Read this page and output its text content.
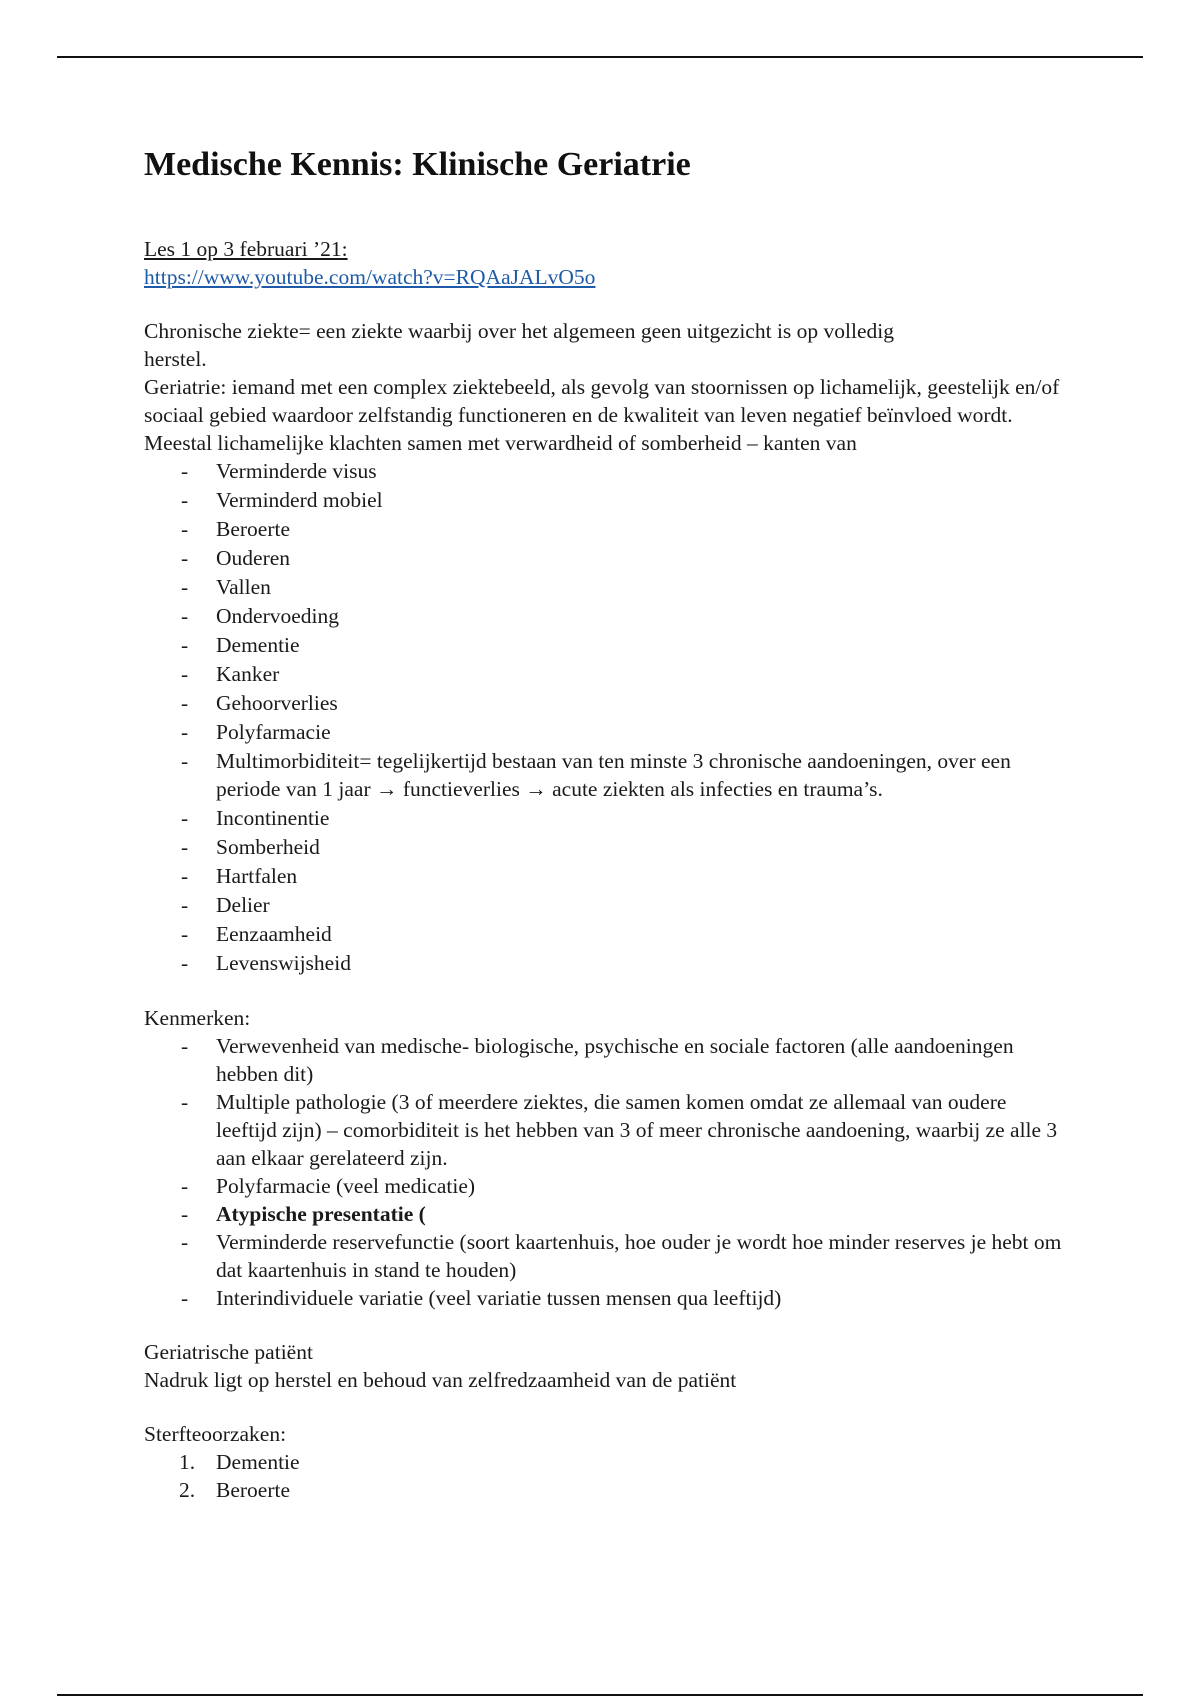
Medische Kennis: Klinische Geriatrie

Les 1 op 3 februari ’21:

https://www.youtube.com/watch?v=RQAaJALvO5o

Chronische ziekte= een ziekte waarbij over het algemeen geen uitgezicht is op volledig
herstel.

Geriatrie: iemand met een complex ziektebeeld, als gevolg van stoornissen op lichamelijk, geestelijk en/of sociaal gebied waardoor zelfstandig functioneren en de kwaliteit van leven negatief beïnvloed wordt. Meestal lichamelijke klachten samen met verwardheid of somberheid – kanten van

- Verminderde visus
- Verminderd mobiel
- Beroerte
- Ouderen
- Vallen
- Ondervoeding
- Dementie
- Kanker
- Gehoorverlies
- Polyfarmacie
- Multimorbiditeit= tegelijkertijd bestaan van ten minste 3 chronische aandoeningen, over een periode van 1 jaar → functieverlies → acute ziekten als infecties en trauma’s.
- Incontinentie
- Somberheid
- Hartfalen
- Delier
- Eenzaamheid
- Levenswijsheid

Kenmerken:

- Verwevenheid van medische- biologische, psychische en sociale factoren (alle aandoeningen hebben dit)
- Multiple pathologie (3 of meerdere ziektes, die samen komen omdat ze allemaal van oudere leeftijd zijn) – comorbiditeit is het hebben van 3 of meer chronische aandoening, waarbij ze alle 3 aan elkaar gerelateerd zijn.
- Polyfarmacie (veel medicatie)
- Atypische presentatie (
- Verminderde reservefunctie (soort kaartenhuis, hoe ouder je wordt hoe minder reserves je hebt om dat kaartenhuis in stand te houden)
- Interindividuele variatie (veel variatie tussen mensen qua leeftijd)

Geriatrische patiënt

Nadruk ligt op herstel en behoud van zelfredzaamheid van de patiënt

Sterfteoorzaken:

1. Dementie
2. Beroerte
